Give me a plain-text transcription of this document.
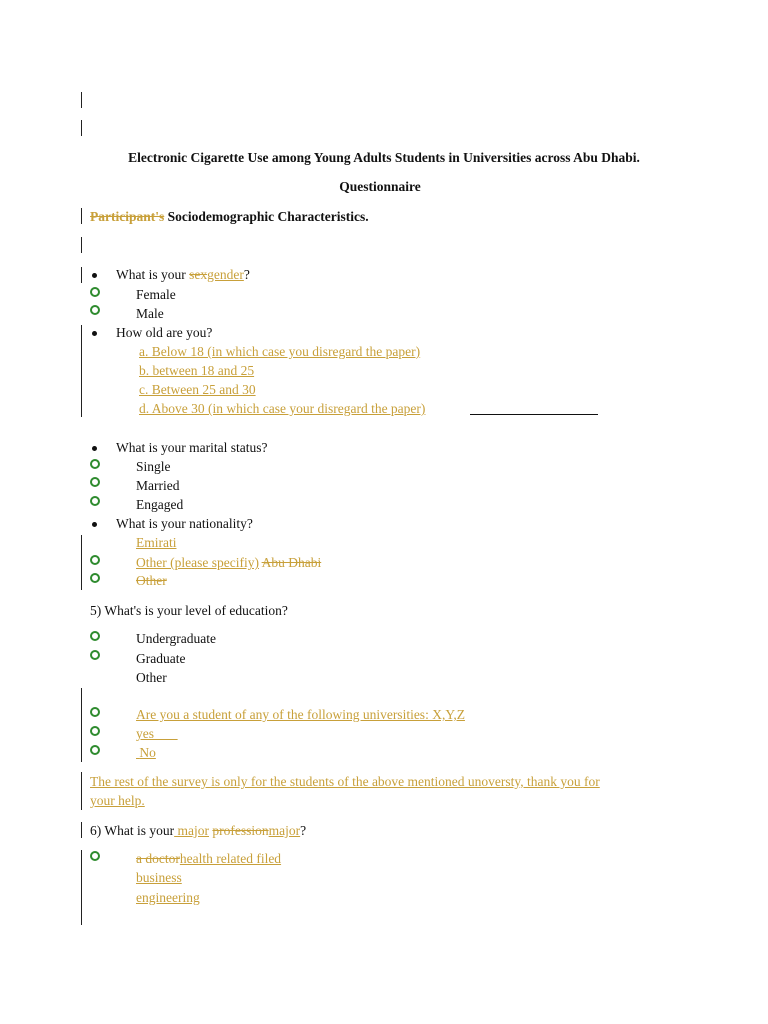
Electronic Cigarette Use among Young Adults Students in Universities across Abu Dhabi.
Questionnaire
Participant's Sociodemographic Characteristics.
What is your sexgender?
Female
Male
How old are you?
a. Below 18 (in which case you disregard the paper)
b. between 18 and 25
c. Between 25 and 30
d. Above 30 (in which case your disregard the paper)
What is your marital status?
Single
Married
Engaged
What is your nationality?
Emirati
Other (please specifiy) Abu Dhabi
Other
5) What's is your level of education?
Undergraduate
Graduate
Other
Are you a student of any of the following universities: X,Y,Z
yes
No
The rest of the survey is only for the students of the above mentioned unoversty, thank you for
your help.
6) What is your major professionmajor?
a doctorhealth related filed
business
engineering
